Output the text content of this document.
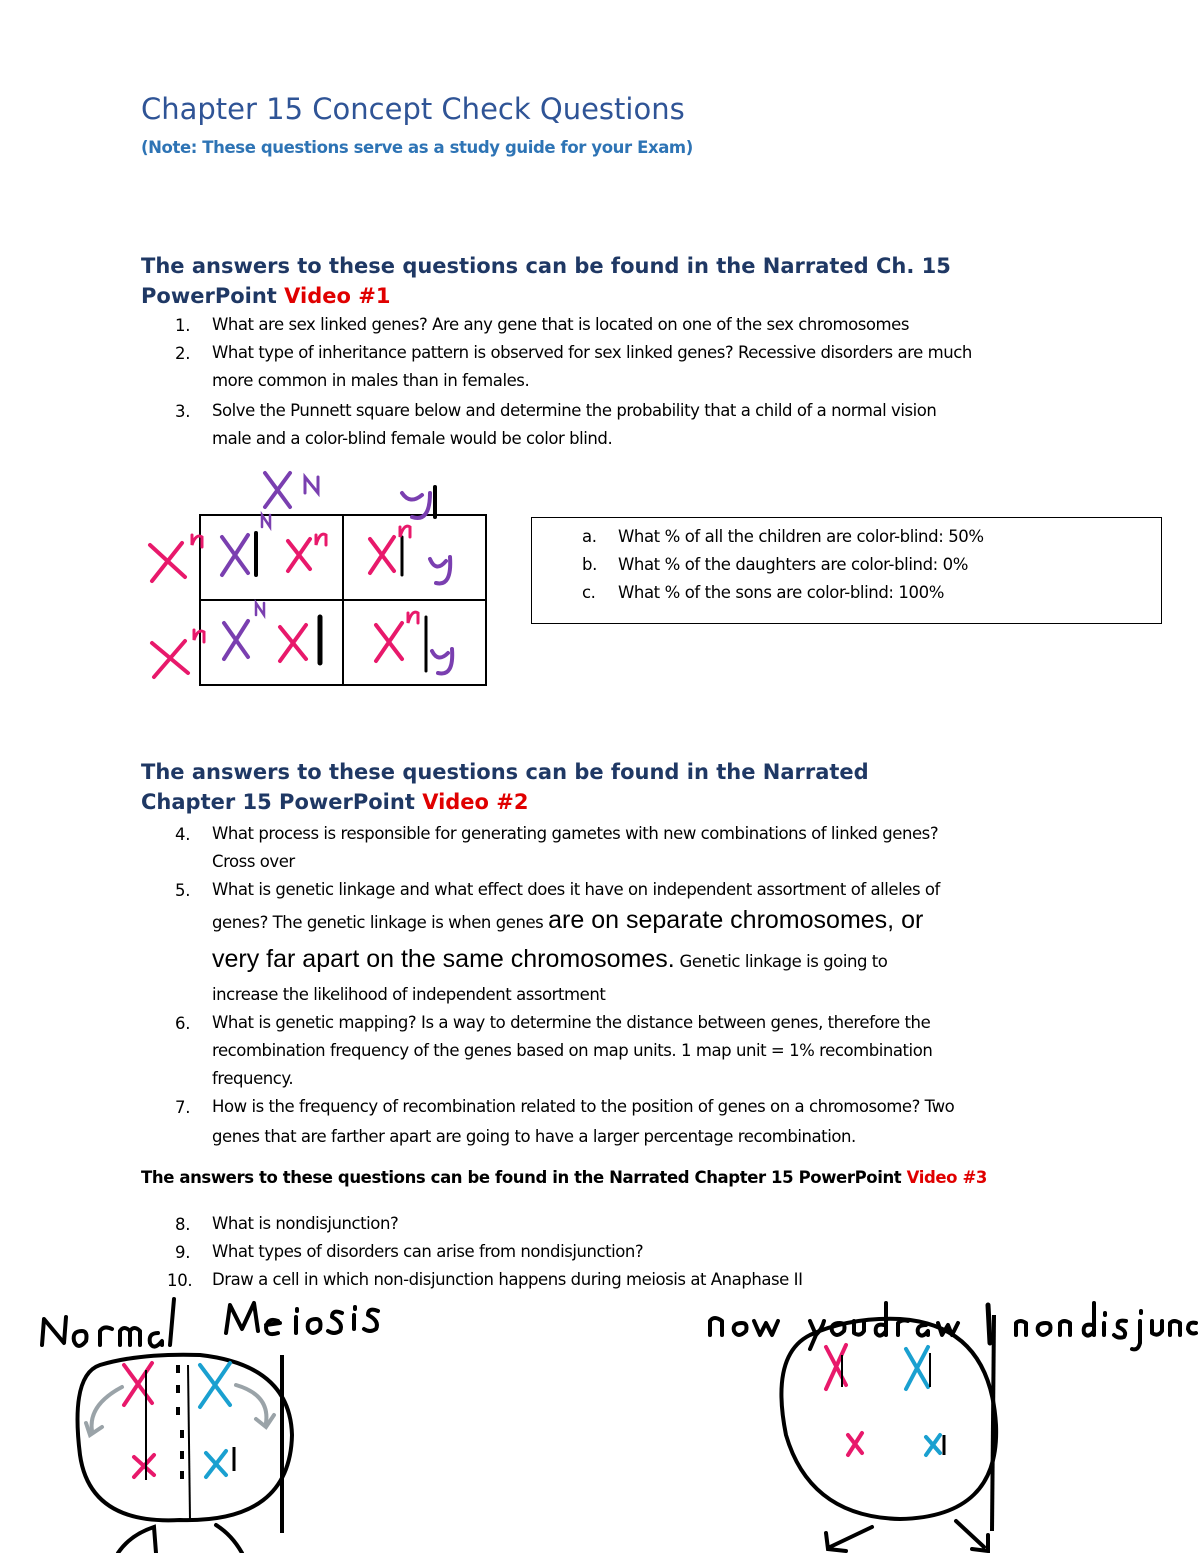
Chapter 15 Concept Check Questions
(Note: These questions serve as a study guide for your Exam)
The answers to these questions can be found in the Narrated Ch. 15
PowerPoint Video #1
1. What are sex linked genes? Are any gene that is located on one of the sex chromosomes
2. What type of inheritance pattern is observed for sex linked genes? Recessive disorders are much
more common in males than in females.
3. Solve the Punnett square below and determine the probability that a child of a normal vision
male and a color-blind female would be color blind.
a. What % of all the children are color-blind: 50%
b. What % of the daughters are color-blind: 0%
c. What % of the sons are color-blind: 100%
The answers to these questions can be found in the Narrated
Chapter 15 PowerPoint Video #2
4. What process is responsible for generating gametes with new combinations of linked genes?
Cross over
5. What is genetic linkage and what effect does it have on independent assortment of alleles of
genes? The genetic linkage is when genes are on separate chromosomes, or
very far apart on the same chromosomes. Genetic linkage is going to
increase the likelihood of independent assortment
6. What is genetic mapping? Is a way to determine the distance between genes, therefore the
recombination frequency of the genes based on map units. 1 map unit = 1% recombination
frequency.
7. How is the frequency of recombination related to the position of genes on a chromosome? Two
genes that are farther apart are going to have a larger percentage recombination.
The answers to these questions can be found in the Narrated Chapter 15 PowerPoint Video #3
8. What is nondisjunction?
9. What types of disorders can arise from nondisjunction?
10. Draw a cell in which non-disjunction happens during meiosis at Anaphase II
